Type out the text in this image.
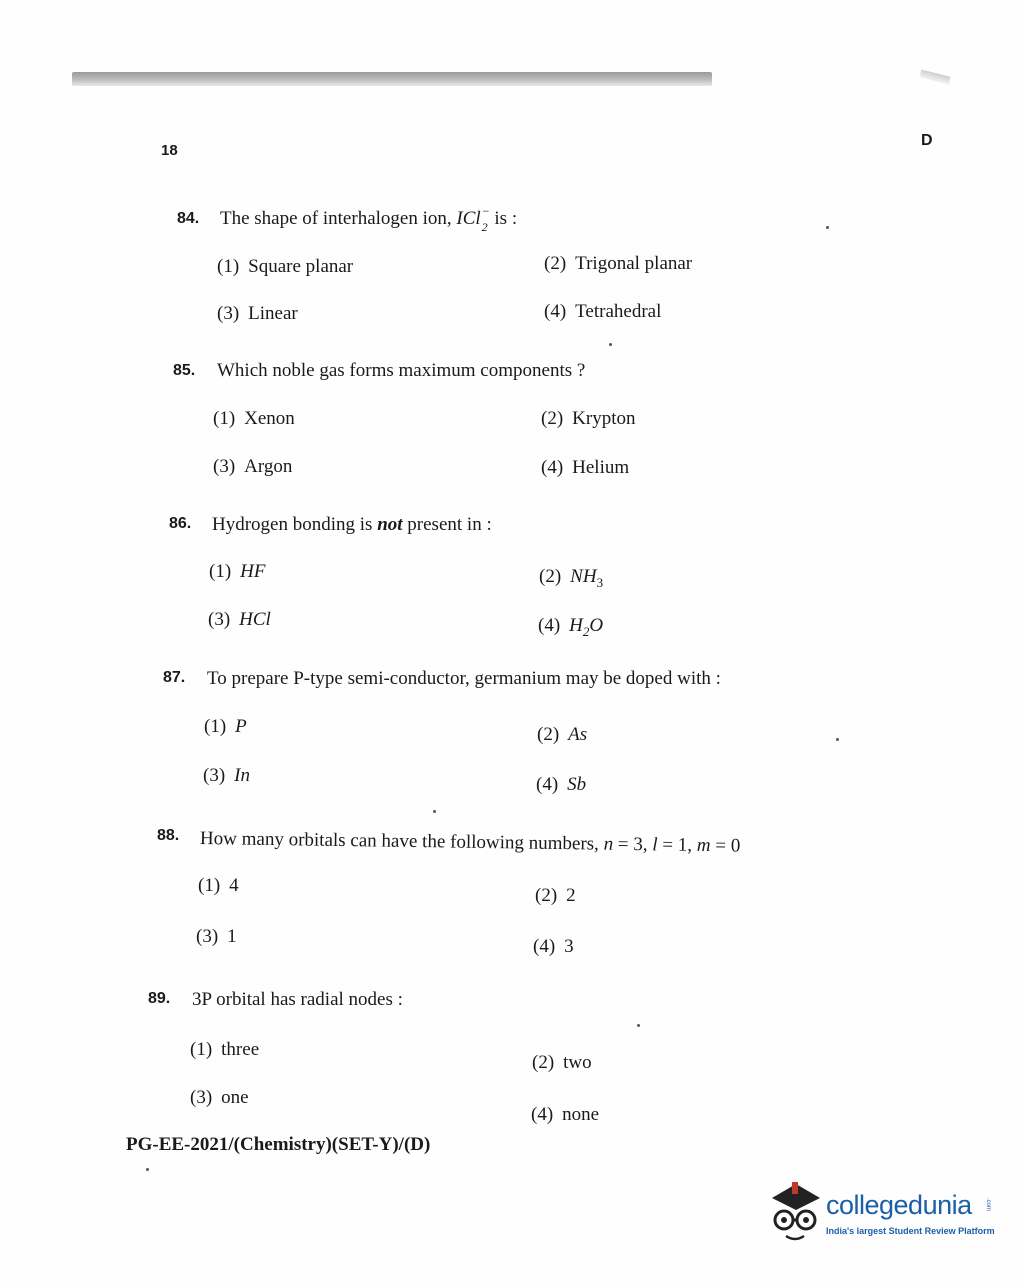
18
D
84. The shape of interhalogen ion, ICl −
2 is :
(1) Square planar	(2) Trigonal planar
(3) Linear	(4) Tetrahedral
85. Which noble gas forms maximum components ?
(1) Xenon	(2) Krypton
(3) Argon	(4) Helium
86. Hydrogen bonding is not present in :
(1) HF	(2) $NH_3$
(3) HCl	(4) $H_2O$
87. To prepare P-type semi-conductor, germanium may be doped with :
(1) P	(2) As
(3) In	(4) Sb
88. How many orbitals can have the following numbers, n = 3, l = 1, m = 0
(1) 4	(2) 2
(3) 1	(4) 3
89. 3P orbital has radial nodes :
(1) three
(2) two
(3) one
(4) none
PG-EE-2021/(Chemistry)(SET-Y)/(D)
collegedunia .com
India's largest Student Review Platform
